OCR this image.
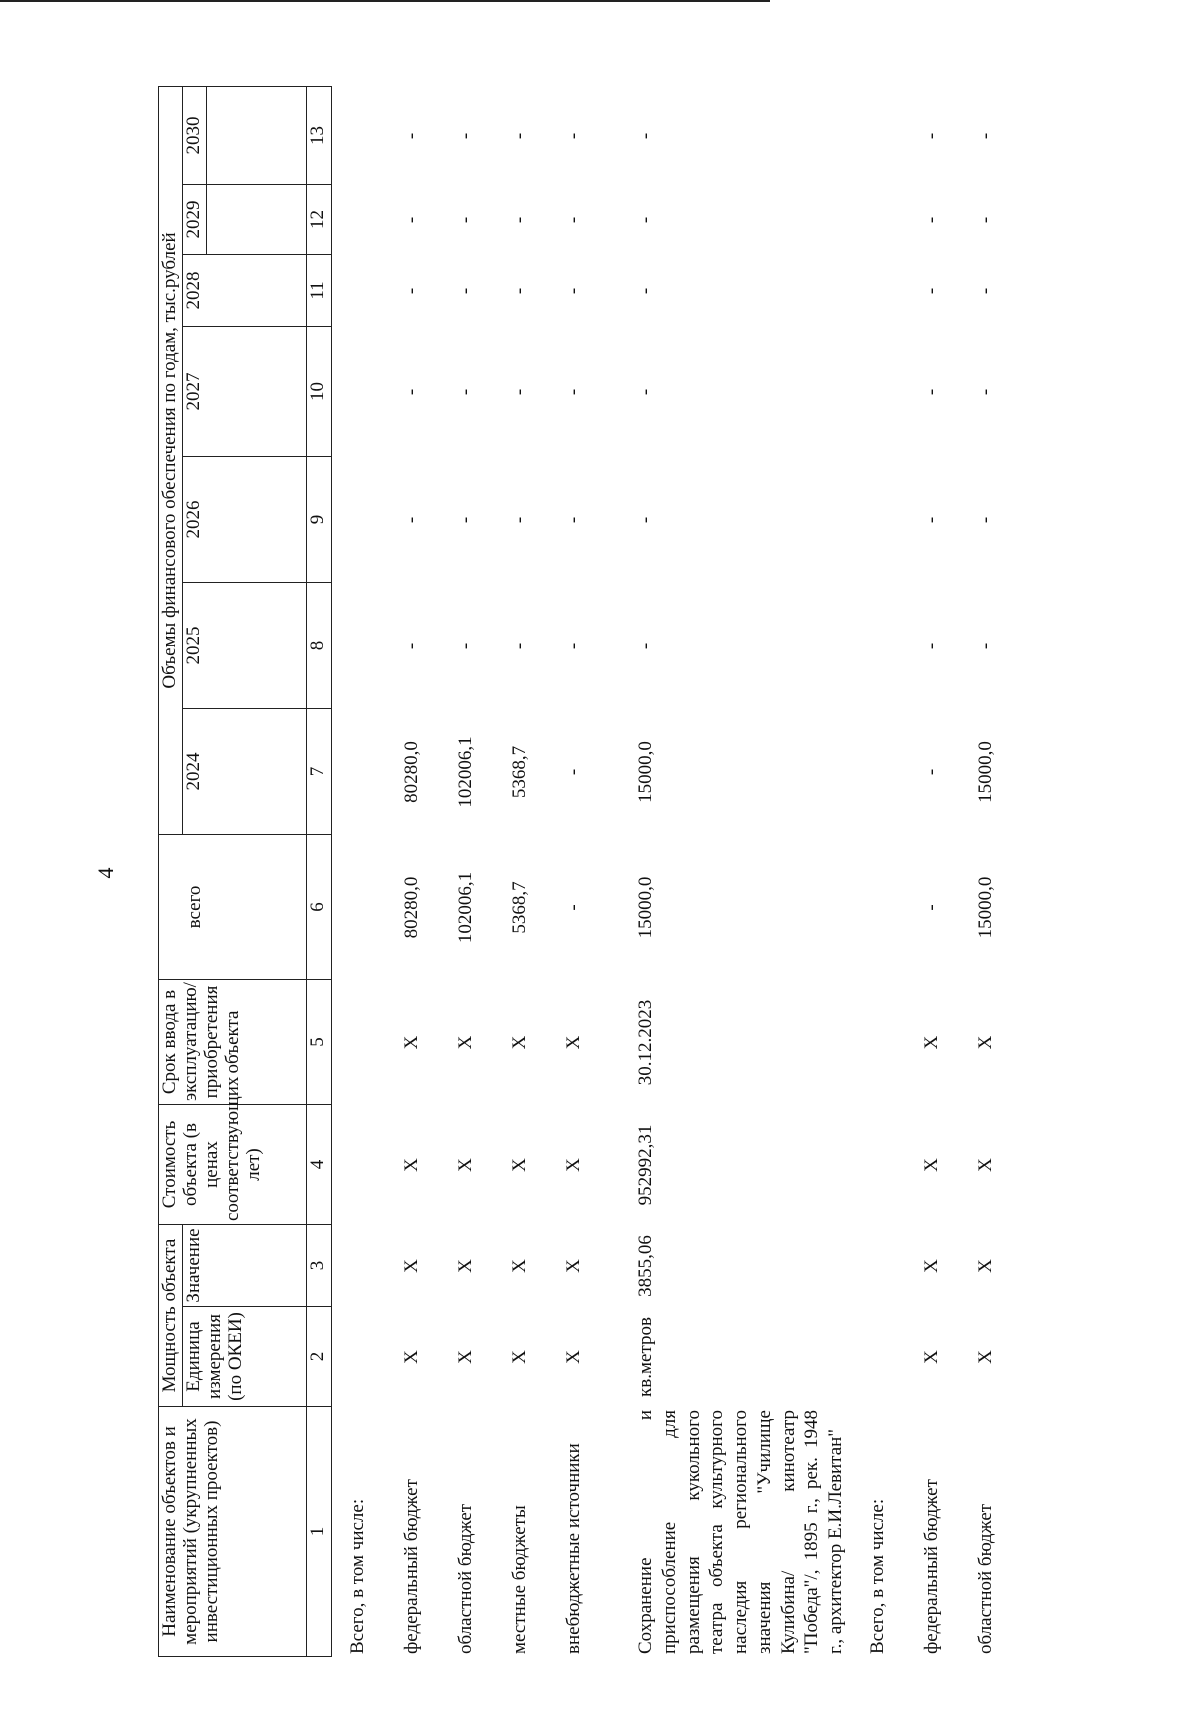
4
Наименование объектов и мероприятий (укрупненных инвестиционных проектов)	Мощность объекта		Стоимость объекта (в ценах соответствующих лет)	Срок ввода в эксплуатацию/ приобретения объекта	всего	Объемы финансового обеспечения по годам, тыс.рублей						
	Единица измерения (по ОКЕИ)	Значение				2024	2025	2026	2027	2028	2029	2030

1	2	3	4	5	6	7	8	9	10	11	12	13
Всего, в том числе:												
федеральный бюджет	Х	Х	Х	Х	80280,0	80280,0	-	-	-	-	-	-
областной бюджет	Х	Х	Х	Х	102006,1	102006,1	-	-	-	-	-	-
местные бюджеты	Х	Х	Х	Х	5368,7	5368,7	-	-	-	-	-	-
внебюджетные источники	Х	Х	Х	Х	-	-	-	-	-	-	-	-
Сохранение и приспособление для размещения кукольного театра объекта культурного наследия регионального значения "Училище Кулибина/ кинотеатр "Победа"/, 1895 г., рек. 1948 г., архитектор Е.И.Левитан"	кв.метров	3855,06	952992,31	30.12.2023	15000,0	15000,0	-	-	-	-	-	-
Всего, в том числе:												
федеральный бюджет	Х	Х	Х	Х	-	-	-	-	-	-	-	-
областной бюджет	Х	Х	Х	Х	15000,0	15000,0	-	-	-	-	-	-
